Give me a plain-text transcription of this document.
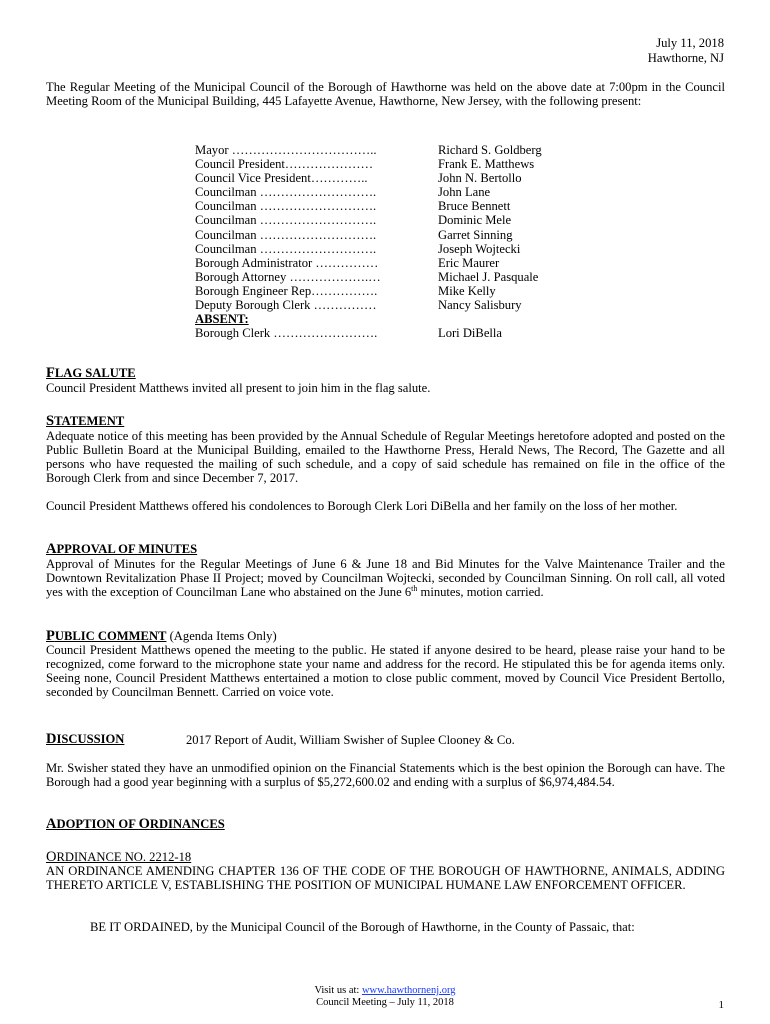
July 11, 2018
Hawthorne, NJ
The Regular Meeting of the Municipal Council of the Borough of Hawthorne was held on the above date at 7:00pm in the Council Meeting Room of the Municipal Building, 445 Lafayette Avenue, Hawthorne, New Jersey, with the following present:
Mayor ……………………………..	Richard S. Goldberg
Council President…………………	Frank E. Matthews
Council Vice President…………..	John N. Bertollo
Councilman ……………………….	John Lane
Councilman ……………………….	Bruce Bennett
Councilman ……………………….	Dominic Mele
Councilman ……………………….	Garret Sinning
Councilman ……………………….	Joseph Wojtecki
Borough Administrator ……………	Eric Maurer
Borough Attorney ……………….…	Michael J. Pasquale
Borough Engineer Rep…………….	Mike Kelly
Deputy Borough Clerk ……………	Nancy Salisbury
ABSENT:
Borough Clerk …………………….	Lori DiBella
FLAG SALUTE
Council President Matthews invited all present to join him in the flag salute.
STATEMENT
Adequate notice of this meeting has been provided by the Annual Schedule of Regular Meetings heretofore adopted and posted on the Public Bulletin Board at the Municipal Building, emailed to the Hawthorne Press, Herald News, The Record, The Gazette and all persons who have requested the mailing of such schedule, and a copy of said schedule has remained on file in the office of the Borough Clerk from and since December 7, 2017.
Council President Matthews offered his condolences to Borough Clerk Lori DiBella and her family on the loss of her mother.
APPROVAL OF MINUTES
Approval of Minutes for the Regular Meetings of June 6 & June 18 and Bid Minutes for the Valve Maintenance Trailer and the Downtown Revitalization Phase II Project; moved by Councilman Wojtecki, seconded by Councilman Sinning. On roll call, all voted yes with the exception of Councilman Lane who abstained on the June 6th minutes, motion carried.
PUBLIC COMMENT (Agenda Items Only)
Council President Matthews opened the meeting to the public. He stated if anyone desired to be heard, please raise your hand to be recognized, come forward to the microphone state your name and address for the record. He stipulated this be for agenda items only. Seeing none, Council President Matthews entertained a motion to close public comment, moved by Council Vice President Bertollo, seconded by Councilman Bennett. Carried on voice vote.
DISCUSSION	2017 Report of Audit, William Swisher of Suplee Clooney & Co.
Mr. Swisher stated they have an unmodified opinion on the Financial Statements which is the best opinion the Borough can have. The Borough had a good year beginning with a surplus of $5,272,600.02 and ending with a surplus of $6,974,484.54.
ADOPTION OF ORDINANCES
ORDINANCE NO. 2212-18
AN ORDINANCE AMENDING CHAPTER 136 OF THE CODE OF THE BOROUGH OF HAWTHORNE, ANIMALS, ADDING THERETO ARTICLE V, ESTABLISHING THE POSITION OF MUNICIPAL HUMANE LAW ENFORCEMENT OFFICER.
BE IT ORDAINED, by the Municipal Council of the Borough of Hawthorne, in the County of Passaic, that:
Visit us at: www.hawthornenj.org
Council Meeting – July 11, 2018	1
